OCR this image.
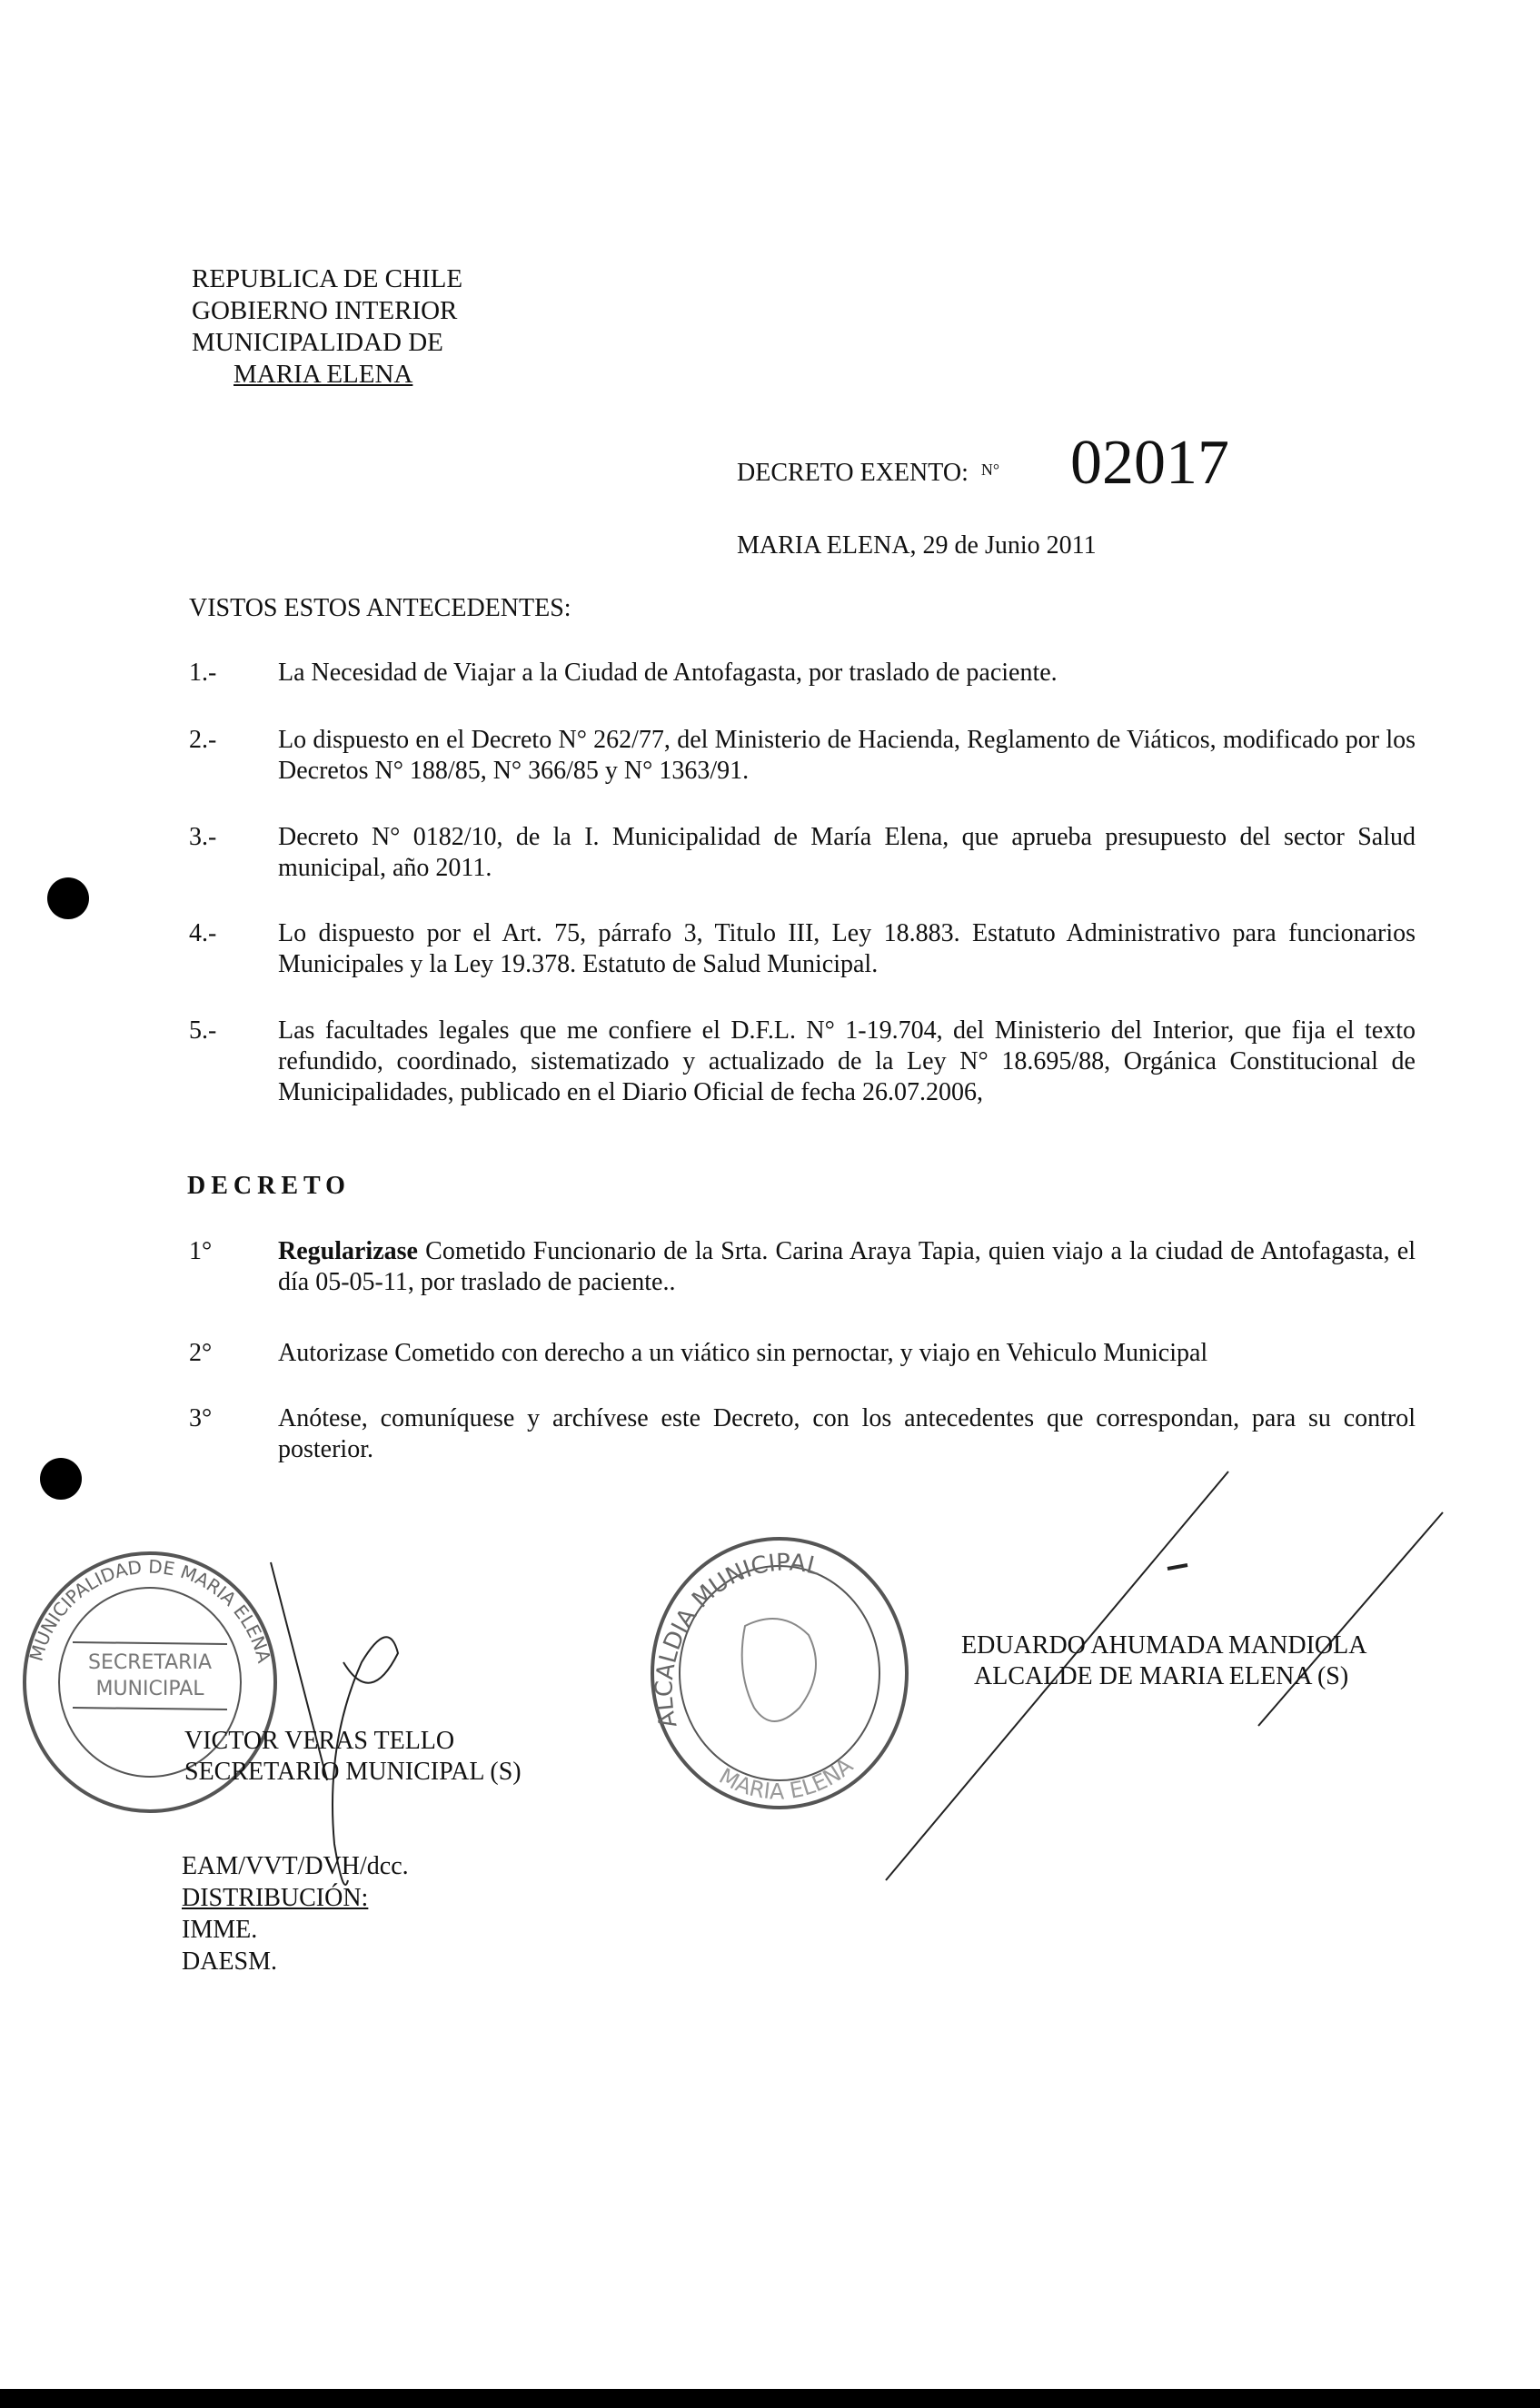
REPUBLICA DE CHILE
GOBIERNO INTERIOR
MUNICIPALIDAD DE
MARIA ELENA
DECRETO EXENTO: $^{N^\circ}$ 02017
MARIA ELENA, 29 de Junio 2011
VISTOS ESTOS ANTECEDENTES:
1.- La Necesidad de Viajar a la Ciudad de Antofagasta, por traslado de paciente.
2.- Lo dispuesto en el Decreto N° 262/77, del Ministerio de Hacienda, Reglamento de Viáticos, modificado por los Decretos N° 188/85, N° 366/85 y N° 1363/91.
3.- Decreto N° 0182/10, de la I. Municipalidad de María Elena, que aprueba presupuesto del sector Salud municipal, año 2011.
4.- Lo dispuesto por el Art. 75, párrafo 3, Titulo III, Ley 18.883. Estatuto Administrativo para funcionarios Municipales y la Ley 19.378. Estatuto de Salud Municipal.
5.- Las facultades legales que me confiere el D.F.L. N° 1-19.704, del Ministerio del Interior, que fija el texto refundido, coordinado, sistematizado y actualizado de la Ley N° 18.695/88, Orgánica Constitucional de Municipalidades, publicado en el Diario Oficial de fecha 26.07.2006,
DECRETO
1°	Regularizase Cometido Funcionario de la Srta. Carina Araya Tapia, quien viajo a la ciudad de Antofagasta, el día 05-05-11, por traslado de paciente..
2°	Autorizase Cometido con derecho a un viático sin pernoctar, y viajo en Vehiculo Municipal
3°	Anótese, comuníquese y archívese este Decreto, con los antecedentes que correspondan, para su control posterior.
SECRETARIA
MUNICIPAL
MUNICIPALIDAD DE MARIA ELENA
ALCALDIA MUNICIPAL
MARIA ELENA
VICTOR VERAS TELLO
SECRETARIO MUNICIPAL (S)
EDUARDO AHUMADA MANDIOLA
ALCALDE DE MARIA ELENA (S)
EAM/VVT/DVH/dcc.
DISTRIBUCIÓN:
IMME.
DAESM.
